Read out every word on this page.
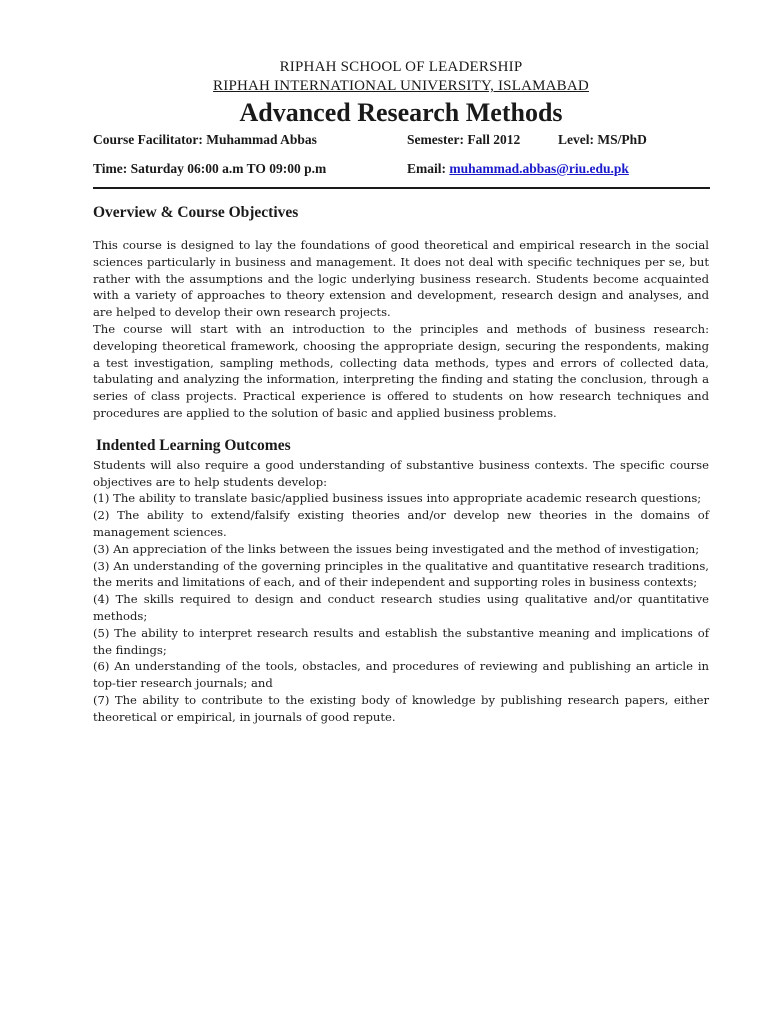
RIPHAH SCHOOL OF LEADERSHIP
RIPHAH INTERNATIONAL UNIVERSITY, ISLAMABAD
Advanced Research Methods
Course Facilitator: Muhammad Abbas	Semester: Fall 2012	Level: MS/PhD
Time: Saturday 06:00 a.m TO 09:00 p.m	Email: muhammad.abbas@riu.edu.pk
Overview & Course Objectives

This course is designed to lay the foundations of good theoretical and empirical research in the social sciences particularly in business and management. It does not deal with specific techniques per se, but rather with the assumptions and the logic underlying business research. Students become acquainted with a variety of approaches to theory extension and development, research design and analyses, and are helped to develop their own research projects.

The course will start with an introduction to the principles and methods of business research: developing theoretical framework, choosing the appropriate design, securing the respondents, making a test investigation, sampling methods, collecting data methods, types and errors of collected data, tabulating and analyzing the information, interpreting the finding and stating the conclusion, through a series of class projects. Practical experience is offered to students on how research techniques and procedures are applied to the solution of basic and applied business problems.

Indented Learning Outcomes

Students will also require a good understanding of substantive business contexts. The specific course objectives are to help students develop:

(1) The ability to translate basic/applied business issues into appropriate academic research questions;

(2) The ability to extend/falsify existing theories and/or develop new theories in the domains of management sciences.

(3) An appreciation of the links between the issues being investigated and the method of investigation;

(3) An understanding of the governing principles in the qualitative and quantitative research traditions, the merits and limitations of each, and of their independent and supporting roles in business contexts;

(4) The skills required to design and conduct research studies using qualitative and/or quantitative methods;

(5) The ability to interpret research results and establish the substantive meaning and implications of the findings;

(6) An understanding of the tools, obstacles, and procedures of reviewing and publishing an article in top-tier research journals; and

(7) The ability to contribute to the existing body of knowledge by publishing research papers, either theoretical or empirical, in journals of good repute.
